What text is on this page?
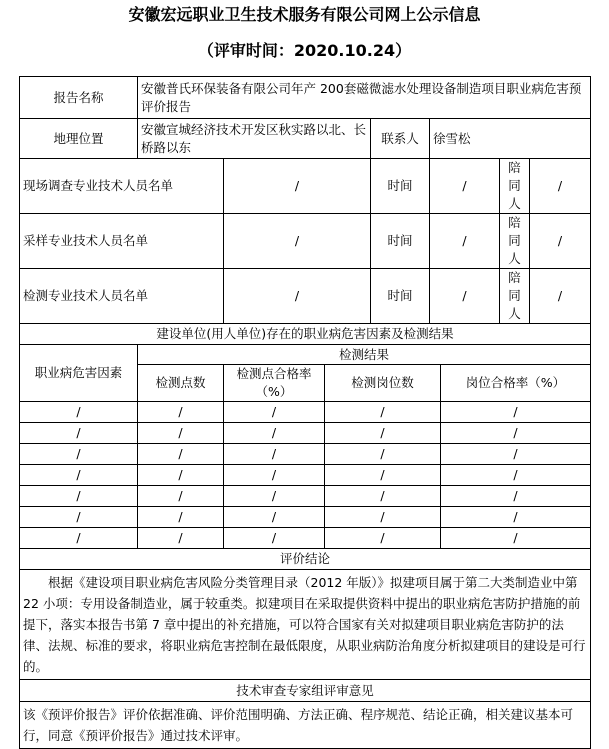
安徽宏远职业卫生技术服务有限公司网上公示信息
（评审时间：2020.10.24）
报告名称	安徽普氏环保装备有限公司年产 200套磁微滤水处理设备制造项目职业病危害预评价报告							
地理位置	安徽宣城经济技术开发区秋实路以北、长桥路以东			联系人	徐雪松			
现场调查专业技术人员名单		/		时间	/		陪同人	/
采样专业技术人员名单		/		时间	/		陪同人	/
检测专业技术人员名单		/		时间	/		陪同人	/
建设单位(用人单位)存在的职业病危害因素及检测结果								
职业病危害因素	检测结果							
	检测点数	检测点合格率（%）	检测岗位数			岗位合格率（%）		
/	/	/	/			/		
/	/	/	/			/		
/	/	/	/			/		
/	/	/	/			/		
/	/	/	/			/		
/	/	/	/			/		
/	/	/	/			/		
评价结论								
根据《建设项目职业病危害风险分类管理目录（2012 年版）》拟建项目属于第二大类制造业中第 22 小项：专用设备制造业，属于较重类。拟建项目在采取提供资料中提出的职业病危害防护措施的前提下，落实本报告书第 7 章中提出的补充措施，可以符合国家有关对拟建项目职业病危害防护的法律、法规、标准的要求，将职业病危害控制在最低限度，从职业病防治角度分析拟建项目的建设是可行的。								
技术审查专家组评审意见								
该《预评价报告》评价依据准确、评价范围明确、方法正确、程序规范、结论正确，相关建议基本可行，同意《预评价报告》通过技术评审。								
